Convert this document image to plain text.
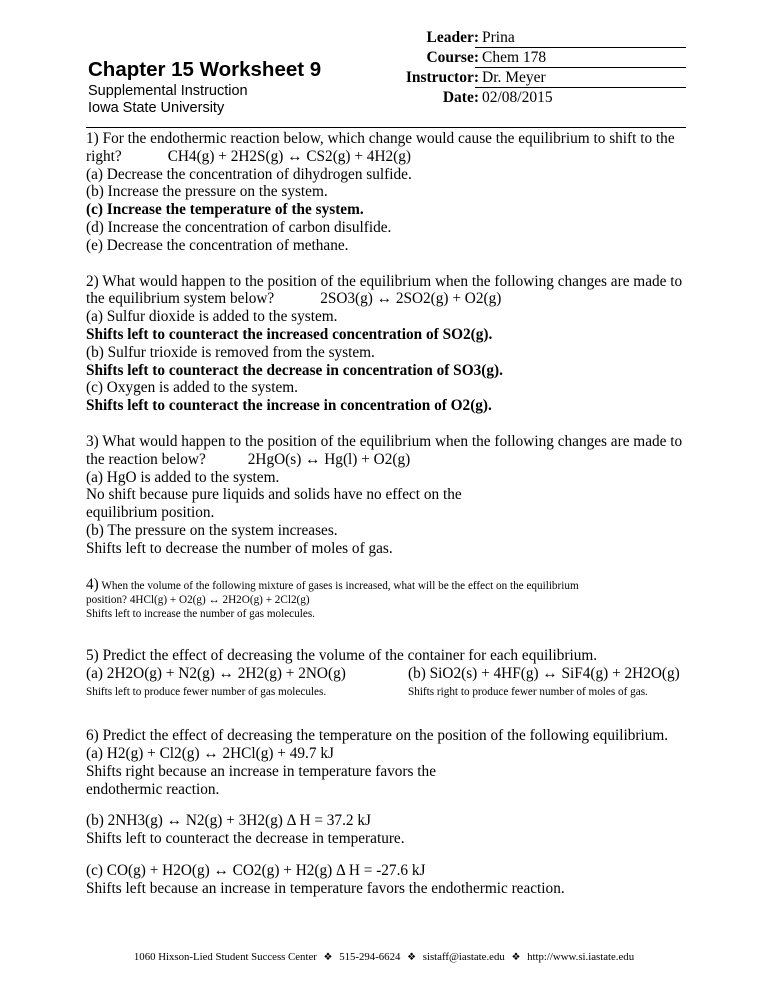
Chapter 15 Worksheet 9
Supplemental Instruction
Iowa State University
Leader: Prina
Course: Chem 178
Instructor: Dr. Meyer
Date: 02/08/2015

1) For the endothermic reaction below, which change would cause the equilibrium to shift to the

right?	CH4(g) + 2H2S(g) ↔ CS2(g) + 4H2(g)

(a) Decrease the concentration of dihydrogen sulfide.

(b) Increase the pressure on the system.

(c) Increase the temperature of the system.

(d) Increase the concentration of carbon disulfide.

(e) Decrease the concentration of methane.

2) What would happen to the position of the equilibrium when the following changes are made to

the equilibrium system below?	2SO3(g) ↔ 2SO2(g) + O2(g)

(a) Sulfur dioxide is added to the system.

Shifts left to counteract the increased concentration of SO2(g).

(b) Sulfur trioxide is removed from the system.

Shifts left to counteract the decrease in concentration of SO3(g).

(c) Oxygen is added to the system.

Shifts left to counteract the increase in concentration of O2(g).

3) What would happen to the position of the equilibrium when the following changes are made to

the reaction below?	2HgO(s) ↔ Hg(l) + O2(g)

(a) HgO is added to the system.

No shift because pure liquids and solids have no effect on the

equilibrium position.

(b) The pressure on the system increases.

Shifts left to decrease the number of moles of gas.

4) When the volume of the following mixture of gases is increased, what will be the effect on the equilibrium

position? 4HCl(g) + O2(g) ↔ 2H2O(g) + 2Cl2(g)

Shifts left to increase the number of gas molecules.

5) Predict the effect of decreasing the volume of the container for each equilibrium.

(a) 2H2O(g) + N2(g) ↔ 2H2(g) + 2NO(g)	(b) SiO2(s) + 4HF(g) ↔ SiF4(g) + 2H2O(g)
Shifts left to produce fewer number of gas molecules.	Shifts right to produce fewer number of moles of gas.

6) Predict the effect of decreasing the temperature on the position of the following equilibrium.

(a) H2(g) + Cl2(g) ↔ 2HCl(g) + 49.7 kJ

Shifts right because an increase in temperature favors the

endothermic reaction.

(b) 2NH3(g) ↔ N2(g) + 3H2(g) Δ H = 37.2 kJ

Shifts left to counteract the decrease in temperature.

(c) CO(g) + H2O(g) ↔ CO2(g) + H2(g) Δ H = -27.6 kJ

Shifts left because an increase in temperature favors the endothermic reaction.

1060 Hixson-Lied Student Success Center ❖ 515-294-6624 ❖ sistaff@iastate.edu ❖ http://www.si.iastate.edu
